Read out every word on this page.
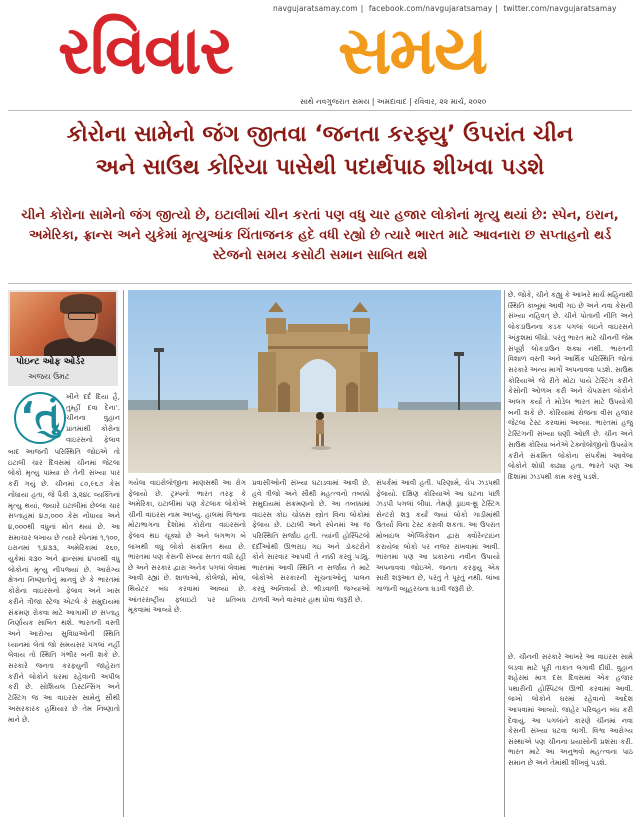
navgujaratsamay.com | facebook.com/navgujaratsamay | twitter.com/navgujaratsamay
રવિવાર સમય
સાથે નવગુજરાત સમય | અમદાવાદ | રવિવાર, ૨૨ માર્ચ, ૨૦૨૦
કોરોના સામેનો જંગ જીતવા ‘જનતા કરફ્યુ’ ઉપરાંત ચીન
અને સાઉથ કોરિયા પાસેથી પદાર્થપાઠ શીખવા પડશે
ચીને કોરોના સામેનો જંગ જીત્યો છે, ઇટાલીમાં ચીન કરતાં પણ વધુ ચાર હજાર લોકોનાં મૃત્યુ થયાં છે: સ્પેન, ઇરાન, અમેરિકા, ફ્રાન્સ અને યુકેમાં મૃત્યુઆંક ચિંતાજનક હદે વધી રહ્યો છે ત્યારે ભારત માટે આવનારા છ સપ્તાહનો થર્ડ સ્ટેજનો સમય કસોટી સમાન સાબિત થશે
પોઇન્ટ ઓફ ઓર્ડર
અજય ઉમટ
‘તું ખીને દર્દ દિયા હૈ, તુમ્હીં દવા દેના’. ચીનના વુહાન પ્રાંતમાંથી કોરોના વાઇરસનો ફેલાવ
બાદ આજની પરિસ્થિતિ જોઇએ તો ઇટાલી ચાર દિવસમાં ચીનમાં જેટલા લોકો મૃત્યુ પામ્યા છે તેની સંખ્યા પાર કરી ગયું છે. ચીનમાં ૮૦,૯૬૭ કેસ નોંધાયા હતા, જે પૈકી ૩,૨૪૮ વ્યક્તિનાં મૃત્યુ થયાં, જ્યારે ઇટાલીમાં છેલ્લા ચાર સપ્તાહમાં ૪૭,૦૦૦ કેસ નોંધાયા અને ૪,૦૦૦થી વધુનાં મોત થયાં છે. આ સમાચાર લખાય છે ત્યારે સ્પેનમાં ૧,૧૦૦, ઇરાનમાં ૧,૪૩૩, અમેરિકામાં ૨૬૦, યુકેમાં ૨૩૦ અને ફ્રાન્સમાં ૪૫૦થી વધુ લોકોનાં મૃત્યુ નીપજ્યાં છે. આરોગ્ય ક્ષેત્રના નિષ્ણાતોનું માનવું છે કે ભારતમાં કોરોના વાઇરસનો ફેલાવ અને ખાસ કરીને ત્રીજા સ્ટેજ એટલે કે સમુદાયમાં સંક્રમણ રોકવા માટે આગામી છ સપ્તાહ નિર્ણાયક સાબિત થશે. ભારતની વસ્તી અને આરોગ્ય સુવિધાઓની સ્થિતિ ધ્યાનમાં લેતાં જો સમયસર પગલાં નહીં લેવાય તો સ્થિતિ ગંભીર બની શકે છે. સરકારે જનતા કરફ્યુની જાહેરાત કરીને લોકોને ઘરમાં રહેવાની અપીલ કરી છે. સોશિયલ ડિસ્ટન્સિંગ અને ટેસ્ટિંગ જ આ વાઇરસ સામેનું સૌથી અસરકારક હથિયાર છે તેમ નિષ્ણાતો માને છે.
છે. જોકે, ચીને કહ્યું કે આખરે માર્ચ મહિનાથી સ્થિતિ કાબૂમાં આવી ગઇ છે અને નવા કેસની સંખ્યા નહિવત્ છે. ચીને પોતાની નીતિ અને લોકડાઉનના કડક પગલાં લઇને વાઇરસને અંકુશમાં લીધો. પરંતુ ભારત માટે ચીનની જેમ સંપૂર્ણ લોકડાઉન શક્ય નથી. ભારતની વિશાળ વસ્તી અને આર્થિક પરિસ્થિતિ જોતાં સરકારે અન્ય માર્ગો અપનાવવા પડશે. સાઉથ કોરિયાએ જે રીતે મોટા પાયે ટેસ્ટિંગ કરીને કેસોની ઓળખ કરી અને ચેપગ્રસ્ત લોકોને અલગ કર્યા તે મોડેલ ભારત માટે ઉપયોગી બની શકે છે. કોરિયામાં રોજના વીસ હજાર જેટલા ટેસ્ટ કરવામાં આવ્યા. ભારતમાં હજુ ટેસ્ટિંગની સંખ્યા ઘણી ઓછી છે. ચીન અને સાઉથ કોરિયા બંનેએ ટેક્નોલોજીનો ઉપયોગ કરીને સંક્રમિત લોકોના સંપર્કમાં આવેલા લોકોને શોધી કાઢ્યા હતા. ભારતે પણ આ દિશામાં ઝડપથી કામ કરવું પડશે.
ગયેલા વાઇરોલોજીના માણસથી આ રોગ ફેલાયો છે. ટ્રમ્પનો ભારત તરફ કે અમેરિકા, ઇટાલીમાં પણ કેટલાક લોકોએ ચીની વાઇરસ નામ આપ્યું. હાલમાં વિશ્વના મોટાભાગના દેશોમાં કોરોના વાઇરસનો ફેલાવ થઇ ચૂક્યો છે અને લગભગ બે લાખથી વધુ લોકો સંક્રમિત થયા છે. ભારતમાં પણ કેસની સંખ્યા સતત વધી રહી છે અને સરકાર દ્વારા અનેક પગલાં લેવામાં આવી રહ્યાં છે. શાળાઓ, કોલેજો, મોલ, થિયેટર બંધ કરવામાં આવ્યાં છે. આંતરરાષ્ટ્રીય ફ્લાઇટો પર પ્રતિબંધ મૂકવામાં આવ્યો છે.
પ્રવાસીઓની સંખ્યા ઘટાડવામાં આવી છે. હવે ત્રીજો અને સૌથી મહત્ત્વનો તબક્કો સમુદાયમાં સંક્રમણનો છે. આ તબક્કામાં વાઇરસ કોઇ ચોક્કસ સ્ત્રોત વિના લોકોમાં ફેલાય છે. ઇટાલી અને સ્પેનમાં આ જ પરિસ્થિતિ સર્જાઇ હતી. ત્યાંની હોસ્પિટલો દર્દીઓથી ઊભરાઇ ગઇ અને ડૉક્ટરોને કોને સારવાર આપવી તે નક્કી કરવું પડ્યું. ભારતમાં આવી સ્થિતિ ન સર્જાય તે માટે લોકોએ સરકારની સૂચનાઓનું પાલન કરવું અનિવાર્ય છે. ભીડવાળી જગ્યાઓ ટાળવી અને વારંવાર હાથ ધોવા જરૂરી છે.
સંપર્કમાં આવી હતી. પરિણામે, ચેપ ઝડપથી ફેલાયો. દક્ષિણ કોરિયાએ આ ઘટના પછી ઝડપી પગલાં લીધાં. તેમણે ડ્રાઇવ-થ્રૂ ટેસ્ટિંગ સેન્ટરો શરૂ કર્યાં જ્યાં લોકો ગાડીમાંથી ઉતર્યા વિના ટેસ્ટ કરાવી શકતા. આ ઉપરાંત મોબાઇલ એપ્લિકેશન દ્વારા ક્વોરેન્ટાઇન કરાયેલા લોકો પર નજર રાખવામાં આવી. ભારતમાં પણ આ પ્રકારના નવીન ઉપાયો અપનાવવા જોઇએ. જનતા કરફ્યુ એક સારી શરૂઆત છે, પરંતુ તે પૂરતું નથી. લાંબા ગાળાની વ્યૂહરચના ઘડવી જરૂરી છે.
છે. ચીનની સરકારે આખરે આ વાઇરસ સામે લડવા માટે પૂરી તાકાત લગાવી દીધી. વુહાન શહેરમાં માત્ર દસ દિવસમાં એક હજાર પથારીની હોસ્પિટલ ઊભી કરવામાં આવી. લાખો લોકોને ઘરમાં રહેવાનો આદેશ આપવામાં આવ્યો. જાહેર પરિવહન બંધ કરી દેવાયું. આ પગલાંને કારણે ચીનમાં નવા કેસની સંખ્યા ઘટવા લાગી. વિશ્વ આરોગ્ય સંસ્થાએ પણ ચીનના પ્રયાસોની પ્રશંસા કરી. ભારત માટે આ અનુભવો મહત્ત્વના પાઠ સમાન છે અને તેમાંથી શીખવું પડશે.
